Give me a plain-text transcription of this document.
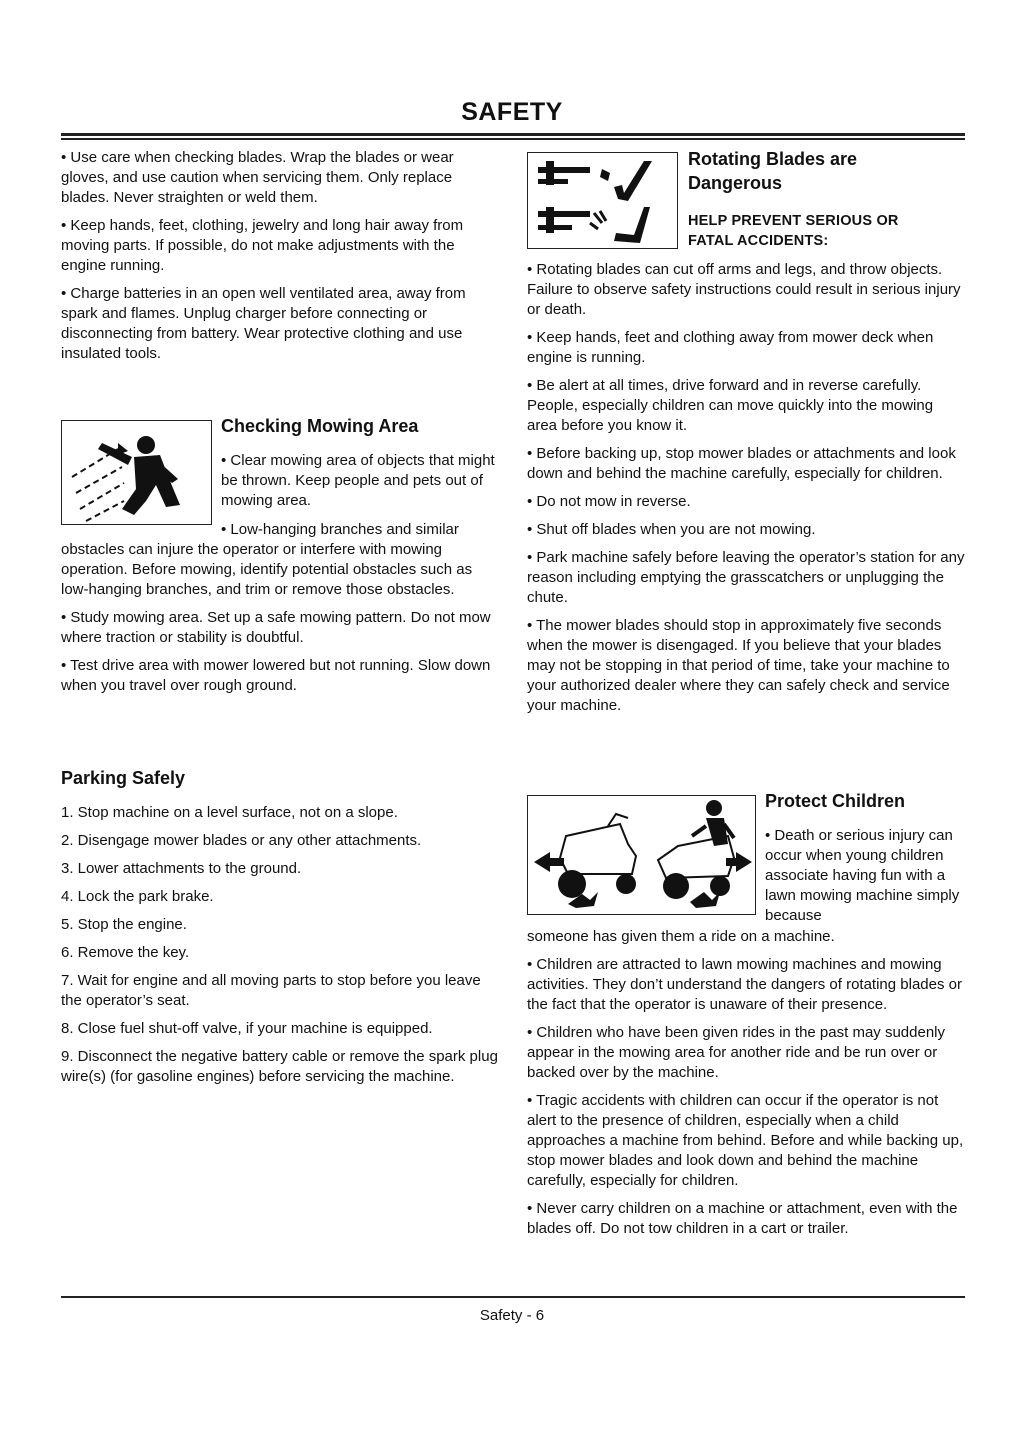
SAFETY

• Use care when checking blades. Wrap the blades or wear gloves, and use caution when servicing them. Only replace blades. Never straighten or weld them.

• Keep hands, feet, clothing, jewelry and long hair away from moving parts. If possible, do not make adjustments with the engine running.

• Charge batteries in an open well ventilated area, away from spark and flames. Unplug charger before connecting or disconnecting from battery. Wear protective clothing and use insulated tools.

Checking Mowing Area

• Clear mowing area of objects that might be thrown. Keep people and pets out of mowing area.

• Low-hanging branches and similar

obstacles can injure the operator or interfere with mowing operation. Before mowing, identify potential obstacles such as low-hanging branches, and trim or remove those obstacles.

• Study mowing area. Set up a safe mowing pattern. Do not mow where traction or stability is doubtful.

• Test drive area with mower lowered but not running. Slow down when you travel over rough ground.

Parking Safely

1. Stop machine on a level surface, not on a slope.

2. Disengage mower blades or any other attachments.

3. Lower attachments to the ground.

4. Lock the park brake.

5. Stop the engine.

6. Remove the key.

7. Wait for engine and all moving parts to stop before you leave the operator’s seat.

8. Close fuel shut-off valve, if your machine is equipped.

9. Disconnect the negative battery cable or remove the spark plug wire(s) (for gasoline engines) before servicing the machine.

Rotating Blades are Dangerous
HELP PREVENT SERIOUS OR FATAL ACCIDENTS:

• Rotating blades can cut off arms and legs, and throw objects. Failure to observe safety instructions could result in serious injury or death.

• Keep hands, feet and clothing away from mower deck when engine is running.

• Be alert at all times, drive forward and in reverse carefully. People, especially children can move quickly into the mowing area before you know it.

• Before backing up, stop mower blades or attachments and look down and behind the machine carefully, especially for children.

• Do not mow in reverse.

• Shut off blades when you are not mowing.

• Park machine safely before leaving the operator’s station for any reason including emptying the grasscatchers or unplugging the chute.

• The mower blades should stop in approximately five seconds when the mower is disengaged. If you believe that your blades may not be stopping in that period of time, take your machine to your authorized dealer where they can safely check and service your machine.

Protect Children

• Death or serious injury can occur when young children associate having fun with a lawn mowing machine simply because

someone has given them a ride on a machine.

• Children are attracted to lawn mowing machines and mowing activities. They don’t understand the dangers of rotating blades or the fact that the operator is unaware of their presence.

• Children who have been given rides in the past may suddenly appear in the mowing area for another ride and be run over or backed over by the machine.

• Tragic accidents with children can occur if the operator is not alert to the presence of children, especially when a child approaches a machine from behind. Before and while backing up, stop mower blades and look down and behind the machine carefully, especially for children.

• Never carry children on a machine or attachment, even with the blades off. Do not tow children in a cart or trailer.

Safety - 6
